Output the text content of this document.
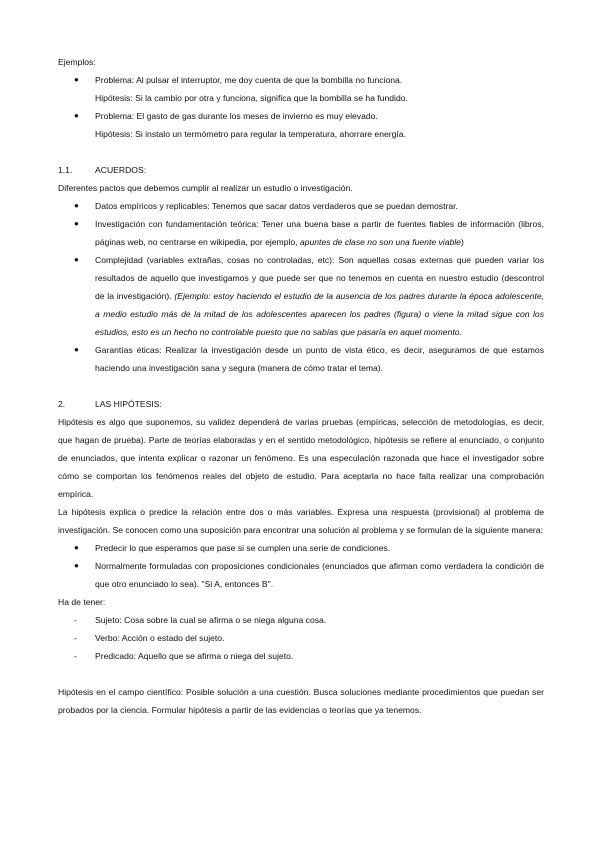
Ejemplos:

● Problema: Al pulsar el interruptor, me doy cuenta de que la bombilla no funciona.

Hipótesis: Si la cambio por otra y funciona, significa que la bombilla se ha fundido.

● Problema: El gasto de gas durante los meses de invierno es muy elevado.

Hipótesis: Si instalo un termómetro para regular la temperatura, ahorrare energía.

1.1.	ACUERDOS:

Diferentes pactos que debemos cumplir al realizar un estudio o investigación.

● Datos empíricos y replicables: Tenemos que sacar datos verdaderos que se puedan demostrar.

● Investigación con fundamentación teórica: Tener una buena base a partir de fuentes fiables de información (libros, páginas web, no centrarse en wikipedia, por ejemplo, apuntes de clase no son una fuente viable)

● Complejidad (variables extrañas, cosas no controladas, etc): Son aquellas cosas externas que pueden variar los resultados de aquello que investigamos y que puede ser que no tenemos en cuenta en nuestro estudio (descontrol de la investigación). (Ejemplo: estoy haciendo el estudio de la ausencia de los padres durante la época adolescente, a medio estudio más de la mitad de los adolescentes aparecen los padres (figura) o viene la mitad sigue con los estudios, esto es un hecho no controlable puesto que no sabías que pasaría en aquel momento.

● Garantías éticas: Realizar la investigación desde un punto de vista ético, es decir, aseguramos de que estamos haciendo una investigación sana y segura (manera de cómo tratar el tema).

2.	LAS HIPÓTESIS:

Hipótesis es algo que suponemos, su validez dependerá de varias pruebas (empíricas, selección de metodologías, es decir, que hagan de prueba). Parte de teorías elaboradas y en el sentido metodológico, hipótesis se refiere al enunciado, o conjunto de enunciados, que intenta explicar o razonar un fenómeno. Es una especulación razonada que hace el investigador sobre cómo se comportan los fenómenos reales del objeto de estudio. Para aceptarla no hace falta realizar una comprobación empírica.

La hipótesis explica o predice la relación entre dos o más variables. Expresa una respuesta (provisional) al problema de investigación. Se conocen como una suposición para encontrar una solución al problema y se formulan de la siguiente manera:

● Predecir lo que esperamos que pase si se cumplen una serie de condiciones.

● Normalmente formuladas con proposiciones condicionales (enunciados que afirman como verdadera la condición de que otro enunciado lo sea). "Si A, entonces B".

Ha de tener:

- Sujeto: Cosa sobre la cual se afirma o se niega alguna cosa.

- Verbo: Acción o estado del sujeto.

- Predicado: Aquello que se afirma o niega del sujeto.

Hipótesis en el campo científico: Posible solución a una cuestión. Busca soluciones mediante procedimientos que puedan ser probados por la ciencia. Formular hipótesis a partir de las evidencias o teorías que ya tenemos.
